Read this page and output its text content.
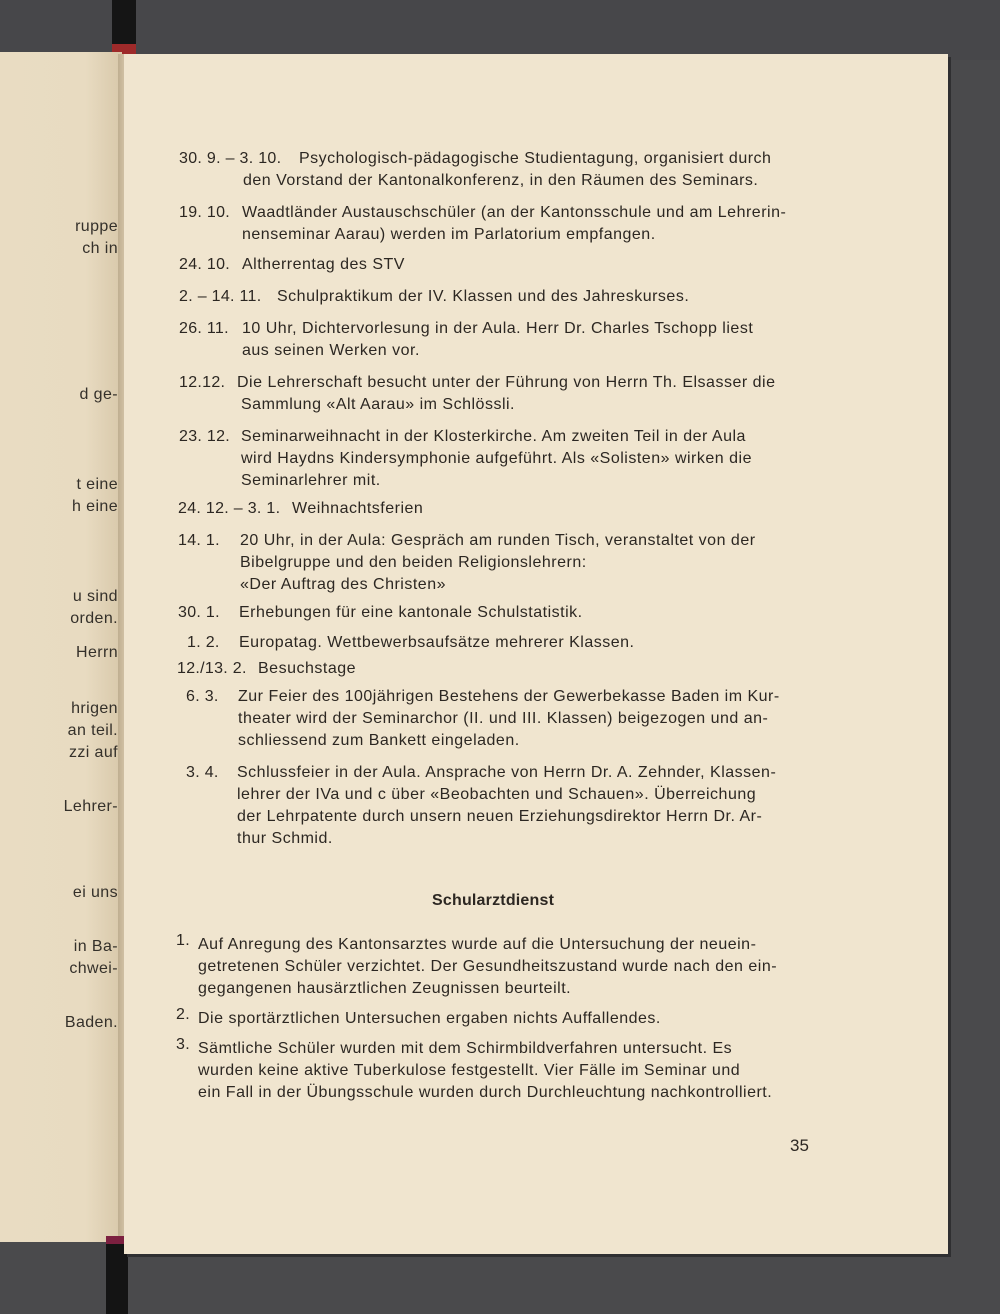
ruppe
ch in
d ge-
t eine
h eine
u sind
orden.
Herrn
hrigen
an teil.
zzi auf
Lehrer-
ei uns
in Ba-
chwei-
Baden.
30. 9. – 3. 10. Psychologisch-pädagogische Studientagung, organisiert durch
den Vorstand der Kantonalkonferenz, in den Räumen des Seminars.
19. 10. Waadtländer Austauschschüler (an der Kantonsschule und am Lehrerin-
nenseminar Aarau) werden im Parlatorium empfangen.
24. 10. Altherrentag des STV
2. – 14. 11. Schulpraktikum der IV. Klassen und des Jahreskurses.
26. 11. 10 Uhr, Dichtervorlesung in der Aula. Herr Dr. Charles Tschopp liest
aus seinen Werken vor.
12.12. Die Lehrerschaft besucht unter der Führung von Herrn Th. Elsasser die
Sammlung «Alt Aarau» im Schlössli.
23. 12. Seminarweihnacht in der Klosterkirche. Am zweiten Teil in der Aula
wird Haydns Kindersymphonie aufgeführt. Als «Solisten» wirken die
Seminarlehrer mit.
24. 12. – 3. 1. Weihnachtsferien
14. 1. 20 Uhr, in der Aula: Gespräch am runden Tisch, veranstaltet von der
Bibelgruppe und den beiden Religionslehrern:
«Der Auftrag des Christen»
30. 1. Erhebungen für eine kantonale Schulstatistik.
1. 2. Europatag. Wettbewerbsaufsätze mehrerer Klassen.
12./13. 2. Besuchstage
6. 3. Zur Feier des 100jährigen Bestehens der Gewerbekasse Baden im Kur-
theater wird der Seminarchor (II. und III. Klassen) beigezogen und an-
schliessend zum Bankett eingeladen.
3. 4. Schlussfeier in der Aula. Ansprache von Herrn Dr. A. Zehnder, Klassen-
lehrer der IVa und c über «Beobachten und Schauen». Überreichung
der Lehrpatente durch unsern neuen Erziehungsdirektor Herrn Dr. Ar-
thur Schmid.
Schularztdienst
1. Auf Anregung des Kantonsarztes wurde auf die Untersuchung der neuein-
getretenen Schüler verzichtet. Der Gesundheitszustand wurde nach den ein-
gegangenen hausärztlichen Zeugnissen beurteilt.
2. Die sportärztlichen Untersuchen ergaben nichts Auffallendes.
3. Sämtliche Schüler wurden mit dem Schirmbildverfahren untersucht. Es
wurden keine aktive Tuberkulose festgestellt. Vier Fälle im Seminar und
ein Fall in der Übungsschule wurden durch Durchleuchtung nachkontrolliert.
35
